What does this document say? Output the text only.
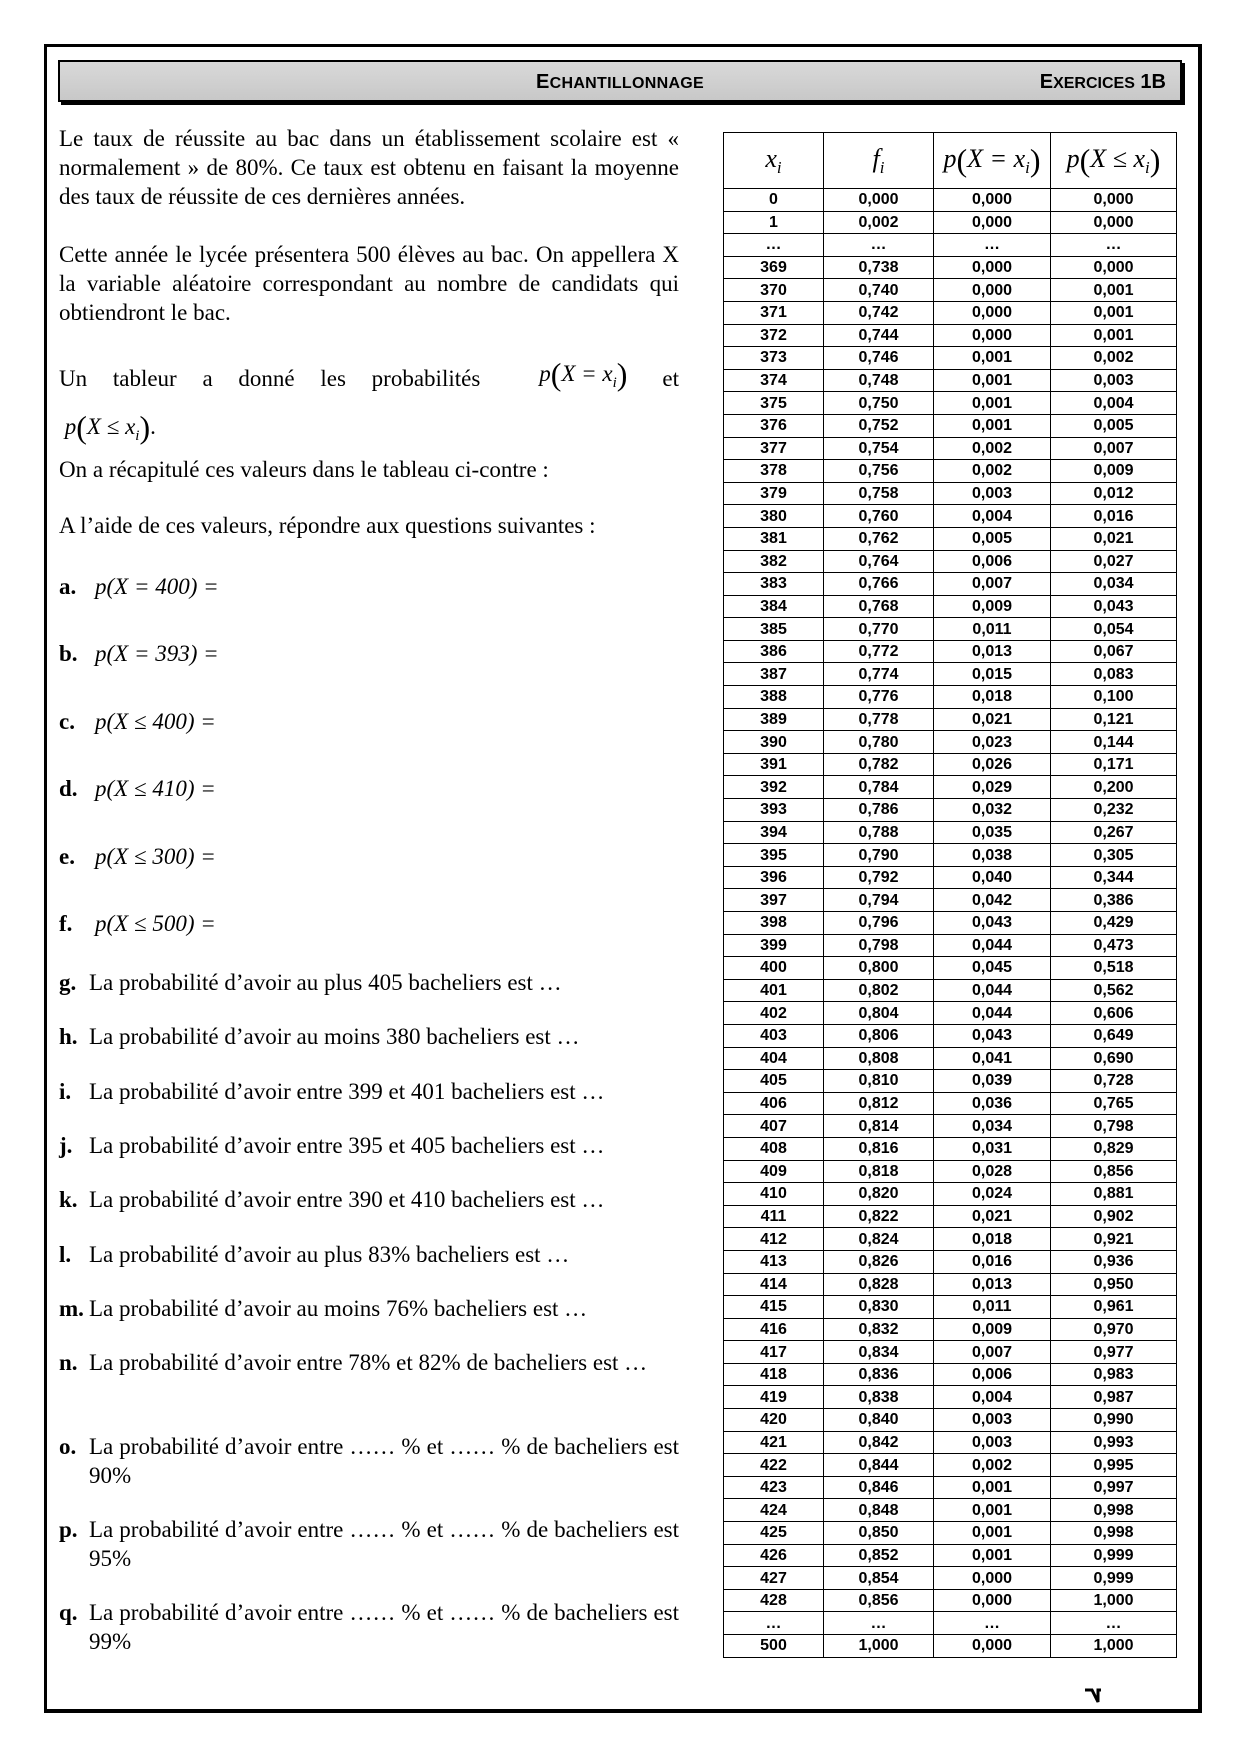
ECHANTILLONNAGE	EXERCICES 1B

Le taux de réussite au bac dans un établissement scolaire est « normalement » de 80%. Ce taux est obtenu en faisant la moyenne des taux de réussite de ces dernières années.

Cette année le lycée présentera 500 élèves au bac. On appellera X la variable aléatoire correspondant au nombre de candidats qui obtiendront le bac.

Un tableur a donné les probabilités	$p(X = x_i)$ et
$p(X \le x_i)$.

On a récapitulé ces valeurs dans le tableau ci-contre :

A l’aide de ces valeurs, répondre aux questions suivantes :

a. p(X = 400) =
b. p(X = 393) =
c. p(X ≤ 400) =
d. p(X ≤ 410) =
e. p(X ≤ 300) =
f. p(X ≤ 500) =
g. La probabilité d’avoir au plus 405 bacheliers est …
h. La probabilité d’avoir au moins 380 bacheliers est …
i. La probabilité d’avoir entre 399 et 401 bacheliers est …
j. La probabilité d’avoir entre 395 et 405 bacheliers est …
k. La probabilité d’avoir entre 390 et 410 bacheliers est …
l. La probabilité d’avoir au plus 83% bacheliers est …
m. La probabilité d’avoir au moins 76% bacheliers est …
n. La probabilité d’avoir entre 78% et 82% de bacheliers est …
o. La probabilité d’avoir entre …… % et …… % de bacheliers est 90%
p. La probabilité d’avoir entre …… % et …… % de bacheliers est 95%
q. La probabilité d’avoir entre …… % et …… % de bacheliers est 99%
$x_i$	$f_i$	$p(X = x_i)$	$p(X \le x_i)$
0	0,000	0,000	0,000
1	0,002	0,000	0,000
…	…	…	…
369	0,738	0,000	0,000
370	0,740	0,000	0,001
371	0,742	0,000	0,001
372	0,744	0,000	0,001
373	0,746	0,001	0,002
374	0,748	0,001	0,003
375	0,750	0,001	0,004
376	0,752	0,001	0,005
377	0,754	0,002	0,007
378	0,756	0,002	0,009
379	0,758	0,003	0,012
380	0,760	0,004	0,016
381	0,762	0,005	0,021
382	0,764	0,006	0,027
383	0,766	0,007	0,034
384	0,768	0,009	0,043
385	0,770	0,011	0,054
386	0,772	0,013	0,067
387	0,774	0,015	0,083
388	0,776	0,018	0,100
389	0,778	0,021	0,121
390	0,780	0,023	0,144
391	0,782	0,026	0,171
392	0,784	0,029	0,200
393	0,786	0,032	0,232
394	0,788	0,035	0,267
395	0,790	0,038	0,305
396	0,792	0,040	0,344
397	0,794	0,042	0,386
398	0,796	0,043	0,429
399	0,798	0,044	0,473
400	0,800	0,045	0,518
401	0,802	0,044	0,562
402	0,804	0,044	0,606
403	0,806	0,043	0,649
404	0,808	0,041	0,690
405	0,810	0,039	0,728
406	0,812	0,036	0,765
407	0,814	0,034	0,798
408	0,816	0,031	0,829
409	0,818	0,028	0,856
410	0,820	0,024	0,881
411	0,822	0,021	0,902
412	0,824	0,018	0,921
413	0,826	0,016	0,936
414	0,828	0,013	0,950
415	0,830	0,011	0,961
416	0,832	0,009	0,970
417	0,834	0,007	0,977
418	0,836	0,006	0,983
419	0,838	0,004	0,987
420	0,840	0,003	0,990
421	0,842	0,003	0,993
422	0,844	0,002	0,995
423	0,846	0,001	0,997
424	0,848	0,001	0,998
425	0,850	0,001	0,998
426	0,852	0,001	0,999
427	0,854	0,000	0,999
428	0,856	0,000	1,000
…	…	…	…
500	1,000	0,000	1,000
